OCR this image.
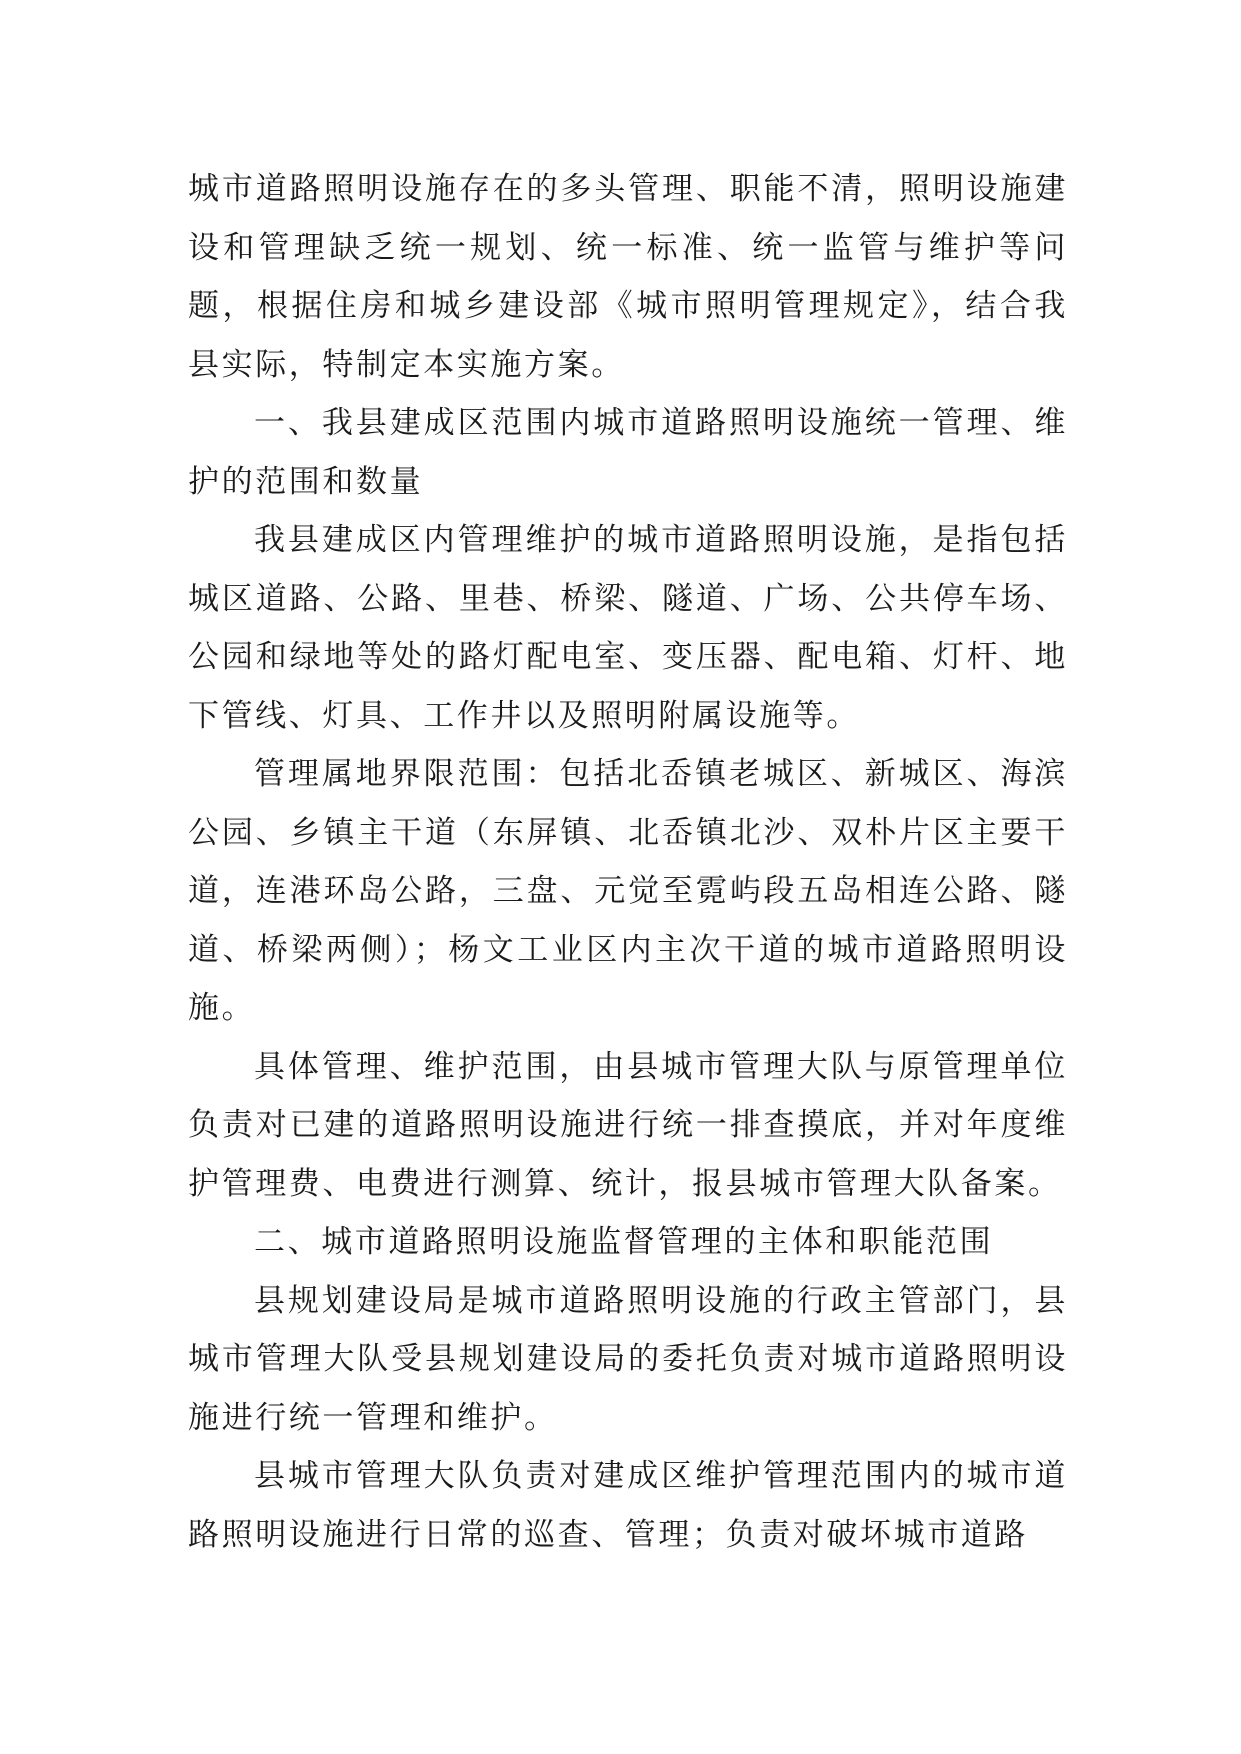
城市道路照明设施存在的多头管理、职能不清，照明设施建设和管理缺乏统一规划、统一标准、统一监管与维护等问题，根据住房和城乡建设部《城市照明管理规定》，结合我县实际，特制定本实施方案。

一、我县建成区范围内城市道路照明设施统一管理、维护的范围和数量

我县建成区内管理维护的城市道路照明设施，是指包括城区道路、公路、里巷、桥梁、隧道、广场、公共停车场、公园和绿地等处的路灯配电室、变压器、配电箱、灯杆、地下管线、灯具、工作井以及照明附属设施等。

管理属地界限范围：包括北岙镇老城区、新城区、海滨公园、乡镇主干道（东屏镇、北岙镇北沙、双朴片区主要干道，连港环岛公路，三盘、元觉至霓屿段五岛相连公路、隧道、桥梁两侧）；杨文工业区内主次干道的城市道路照明设施。

具体管理、维护范围，由县城市管理大队与原管理单位负责对已建的道路照明设施进行统一排查摸底，并对年度维护管理费、电费进行测算、统计，报县城市管理大队备案。

二、城市道路照明设施监督管理的主体和职能范围

县规划建设局是城市道路照明设施的行政主管部门，县城市管理大队受县规划建设局的委托负责对城市道路照明设施进行统一管理和维护。

县城市管理大队负责对建成区维护管理范围内的城市道路照明设施进行日常的巡查、管理；负责对破坏城市道路
